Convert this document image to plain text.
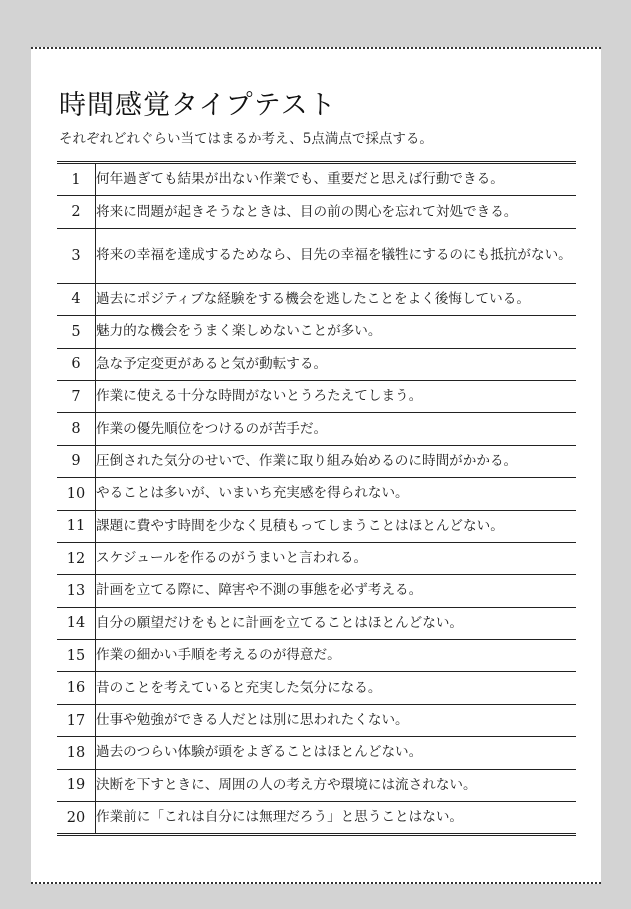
時間感覚タイプテスト

それぞれどれぐらい当てはまるか考え、5点満点で採点する。

1	何年過ぎても結果が出ない作業でも、重要だと思えば行動できる。
2	将来に問題が起きそうなときは、目の前の関心を忘れて対処できる。
3	将来の幸福を達成するためなら、目先の幸福を犠牲にするのにも抵抗がない。
4	過去にポジティブな経験をする機会を逃したことをよく後悔している。
5	魅力的な機会をうまく楽しめないことが多い。
6	急な予定変更があると気が動転する。
7	作業に使える十分な時間がないとうろたえてしまう。
8	作業の優先順位をつけるのが苦手だ。
9	圧倒された気分のせいで、作業に取り組み始めるのに時間がかかる。
10	やることは多いが、いまいち充実感を得られない。
11	課題に費やす時間を少なく見積もってしまうことはほとんどない。
12	スケジュールを作るのがうまいと言われる。
13	計画を立てる際に、障害や不測の事態を必ず考える。
14	自分の願望だけをもとに計画を立てることはほとんどない。
15	作業の細かい手順を考えるのが得意だ。
16	昔のことを考えていると充実した気分になる。
17	仕事や勉強ができる人だとは別に思われたくない。
18	過去のつらい体験が頭をよぎることはほとんどない。
19	決断を下すときに、周囲の人の考え方や環境には流されない。
20	作業前に「これは自分には無理だろう」と思うことはない。
